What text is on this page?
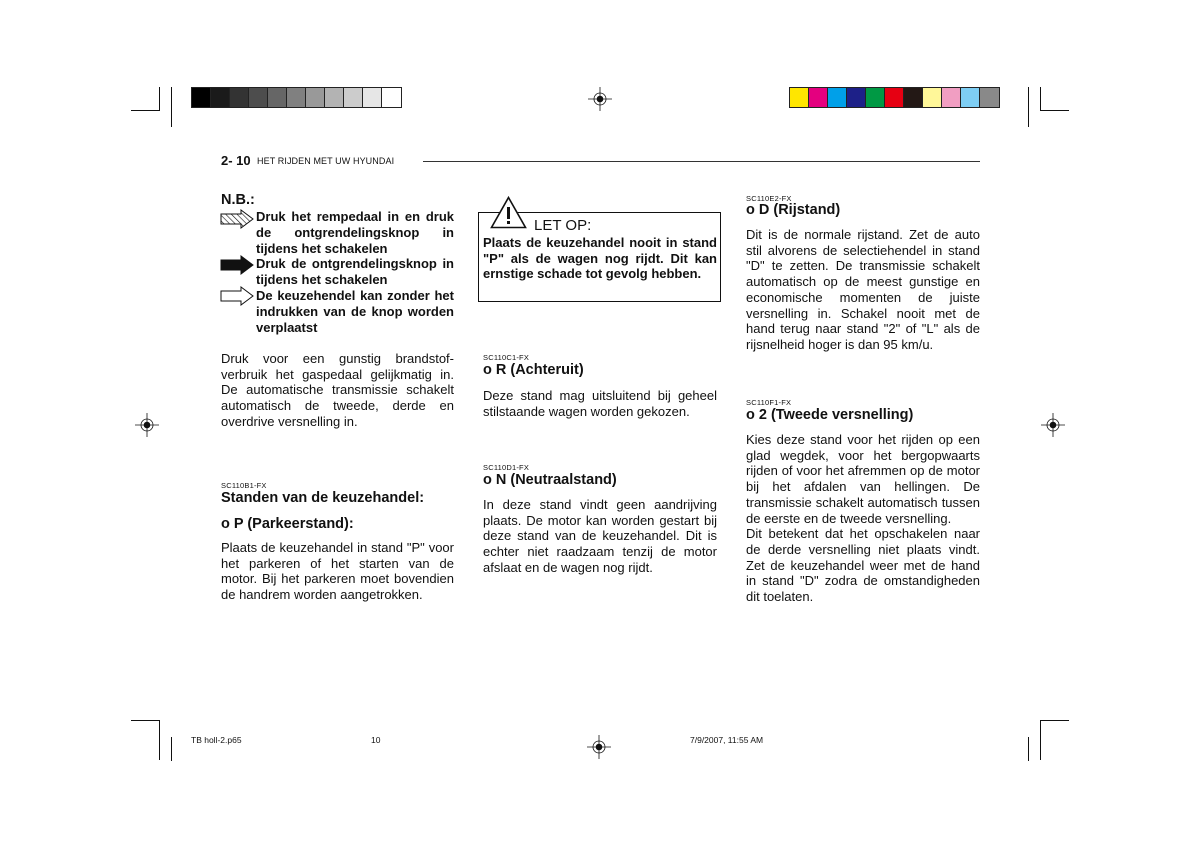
2- 10 HET RIJDEN MET UW HYUNDAI
N.B.:
Druk het rempedaal in en druk de ontgrendelingsknop in tijdens het schakelen
Druk de ontgrendelingsknop in tijdens het schakelen
De keuzehendel kan zonder het indrukken van de knop worden verplaatst
Druk voor een gunstig brandstof-verbruik het gaspedaal gelijkmatig in. De automatische transmissie schakelt automatisch de tweede, derde en overdrive versnelling in.
SC110B1-FX
Standen van de keuzehandel:
o P (Parkeerstand):
Plaats de keuzehandel in stand "P" voor het parkeren of het starten van de motor. Bij het parkeren moet bovendien de handrem worden aangetrokken.
LET OP:
Plaats de keuzehandel nooit in stand "P" als de wagen nog rijdt. Dit kan ernstige schade tot gevolg hebben.
SC110C1-FX
o R (Achteruit)
Deze stand mag uitsluitend bij geheel stilstaande wagen worden gekozen.
SC110D1-FX
o N (Neutraalstand)
In deze stand vindt geen aandrijving plaats. De motor kan worden gestart bij deze stand van de keuzehandel. Dit is echter niet raadzaam tenzij de motor afslaat en de wagen nog rijdt.
SC110E2-FX
o D (Rijstand)
Dit is de normale rijstand. Zet de auto stil alvorens de selectiehendel in stand "D" te zetten. De transmissie schakelt automatisch op de meest gunstige en economische momenten de juiste versnelling in. Schakel nooit met de hand terug naar stand "2" of "L" als de rijsnelheid hoger is dan 95 km/u.
SC110F1-FX
o 2 (Tweede versnelling)
Kies deze stand voor het rijden op een glad wegdek, voor het bergopwaarts rijden of voor het afremmen op de motor bij het afdalen van hellingen. De transmissie schakelt automatisch tussen de eerste en de tweede versnelling.
Dit betekent dat het opschakelen naar de derde versnelling niet plaats vindt. Zet de keuzehandel weer met de hand in stand "D" zodra de omstandigheden dit toelaten.
TB holl-2.p65	10	7/9/2007, 11:55 AM
